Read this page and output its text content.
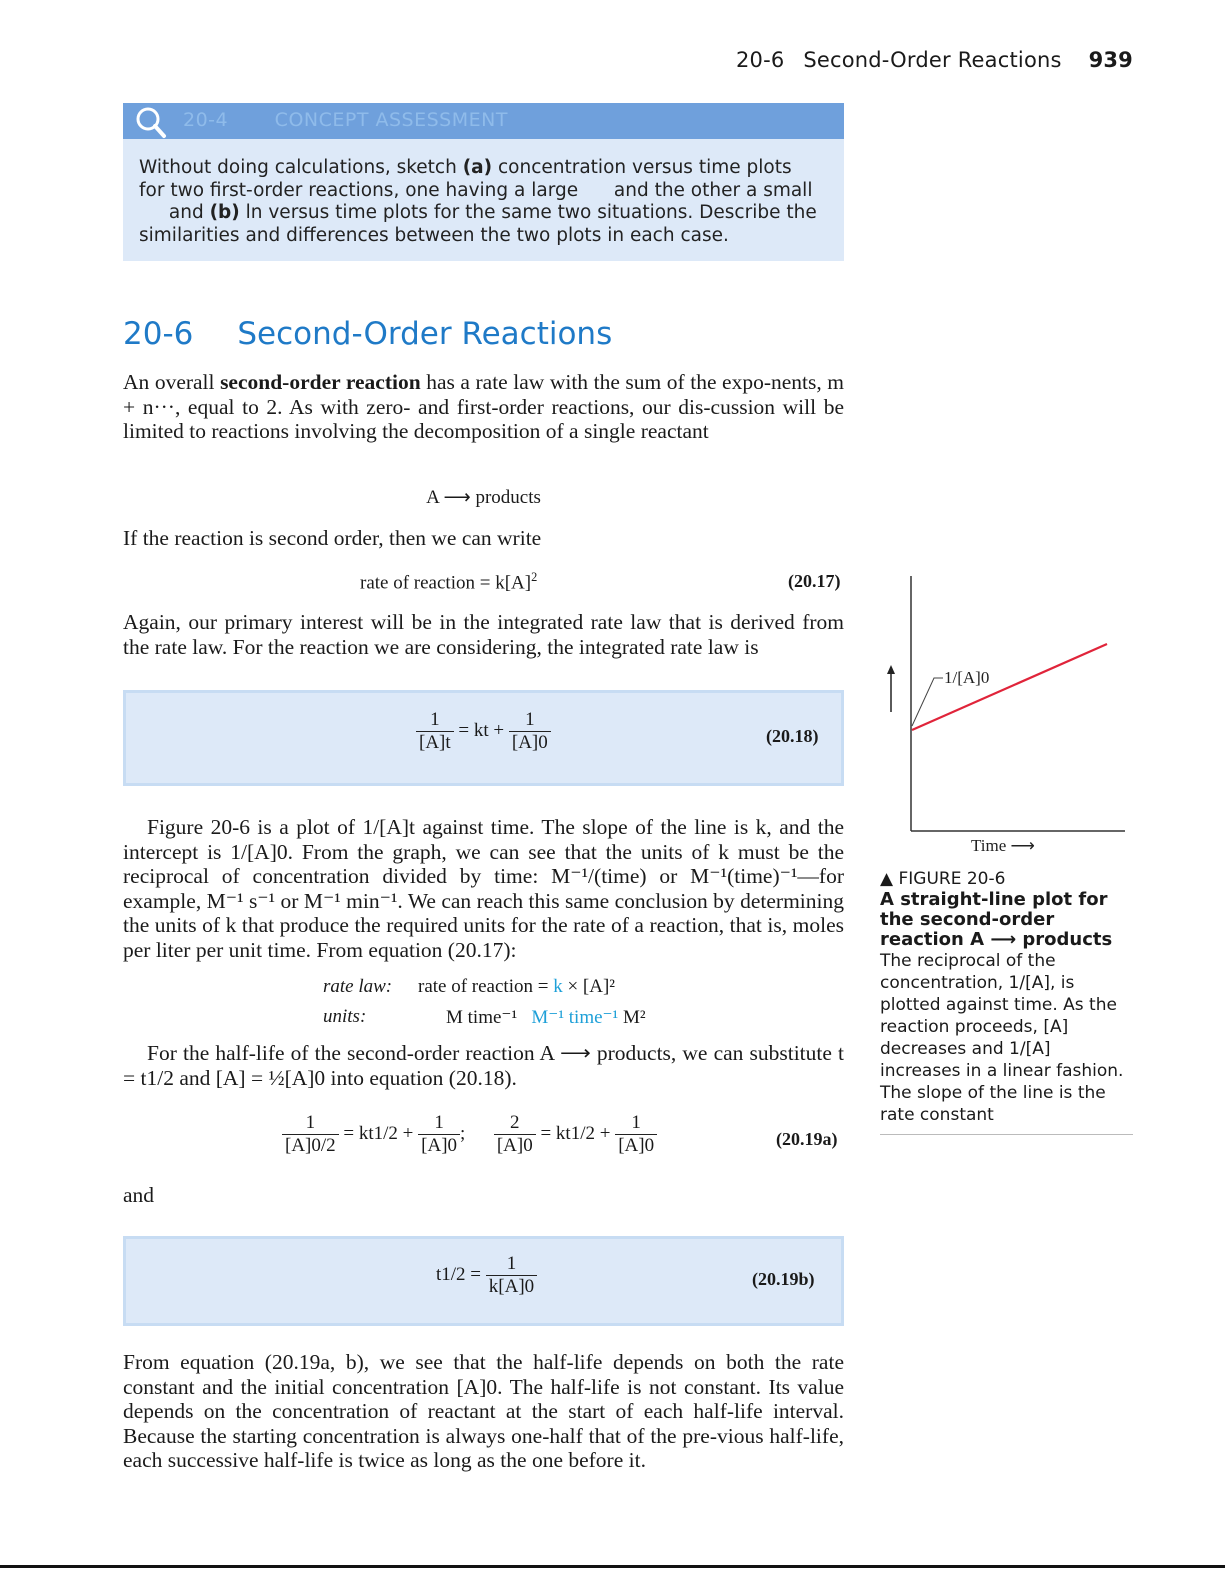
20-6 Second-Order Reactions 939
20-4 CONCEPT ASSESSMENT

Without doing calculations, sketch (a) concentration versus time plots for two first-order reactions, one having a large  and the other a small  and (b) ln versus time plots for the same two situations. Describe the similarities and differences between the two plots in each case.

20-6 Second-Order Reactions

An overall second-order reaction has a rate law with the sum of the expo-nents, m + n···, equal to 2. As with zero- and first-order reactions, our dis-cussion will be limited to reactions involving the decomposition of a single reactant

A ⟶ products

If the reaction is second order, then we can write

rate of reaction = $k[A]^2$	(20.17)

Again, our primary interest will be in the integrated rate law that is derived from the rate law. For the reaction we are considering, the integrated rate law is

$\frac{1}{[A]t}$ = kt + $\frac{1}{[A]0}$	(20.18)

Figure 20-6 is a plot of 1/[A]t against time. The slope of the line is k, and the intercept is 1/[A]0. From the graph, we can see that the units of k must be the reciprocal of concentration divided by time: M⁻¹/(time) or M⁻¹(time)⁻¹—for example, M⁻¹ s⁻¹ or M⁻¹ min⁻¹. We can reach this same conclusion by determining the units of k that produce the required units for the rate of a reaction, that is, moles per liter per unit time. From equation (20.17):

rate law: rate of reaction = k × [A]²
units:	M time⁻¹ M⁻¹ time⁻¹ M²

For the half-life of the second-order reaction A ⟶ products, we can substitute t = t1/2 and [A] = ½[A]0 into equation (20.18).

$\frac{1}{[A]0/2} = kt1/2 + \frac{1}{[A]0}$ ; $\frac{2}{[A]0} = kt1/2 + \frac{1}{[A]0}$	(20.19a)

and

$t1/2 = \frac{1}{k[A]0}$	(20.19b)

From equation (20.19a, b), we see that the half-life depends on both the rate constant and the initial concentration [A]0. The half-life is not constant. Its value depends on the concentration of reactant at the start of each half-life interval. Because the starting concentration is always one-half that of the pre-vious half-life, each successive half-life is twice as long as the one before it.

1/[A]0
Time ⟶
▲ FIGURE 20-6
A straight-line plot for the second-order reaction A ⟶ products
The reciprocal of the concentration, 1/[A], is plotted against time. As the reaction proceeds, [A] decreases and 1/[A] increases in a linear fashion. The slope of the line is the rate constant
